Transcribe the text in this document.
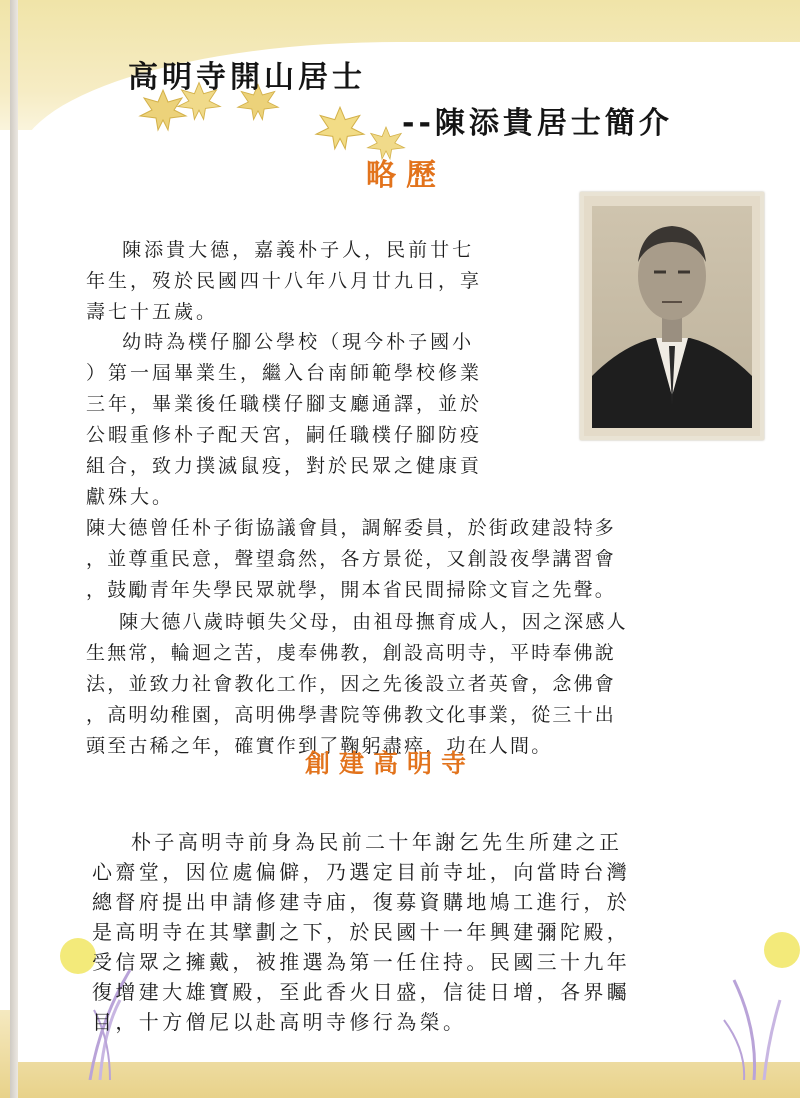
高明寺開山居士
--陳添貴居士簡介
略歷

陳添貴大德，嘉義朴子人，民前廿七
年生，歿於民國四十八年八月廿九日，享
壽七十五歲。

幼時為樸仔腳公學校（現今朴子國小
）第一屆畢業生，繼入台南師範學校修業
三年，畢業後任職樸仔腳支廳通譯，並於
公暇重修朴子配天宮，嗣任職樸仔腳防疫
組合，致力撲滅鼠疫，對於民眾之健康貢
獻殊大。

陳大德曾任朴子街協議會員，調解委員，於街政建設特多
，並尊重民意，聲望翕然，各方景從，又創設夜學講習會
，鼓勵青年失學民眾就學，開本省民間掃除文盲之先聲。

陳大德八歲時頓失父母，由祖母撫育成人，因之深感人
生無常，輪迴之苦，虔奉佛教，創設高明寺，平時奉佛說
法，並致力社會教化工作，因之先後設立者英會，念佛會
，高明幼稚園，高明佛學書院等佛教文化事業，從三十出
頭至古稀之年，確實作到了鞠躬盡瘁，功在人間。

創建高明寺

朴子高明寺前身為民前二十年謝乞先生所建之正
心齋堂，因位處偏僻，乃選定目前寺址，向當時台灣
總督府提出申請修建寺庙，復募資購地鳩工進行，於
是高明寺在其擘劃之下，於民國十一年興建彌陀殿，
受信眾之擁戴，被推選為第一任住持。民國三十九年
復增建大雄寶殿，至此香火日盛，信徒日增，各界矚
目，十方僧尼以赴高明寺修行為榮。
